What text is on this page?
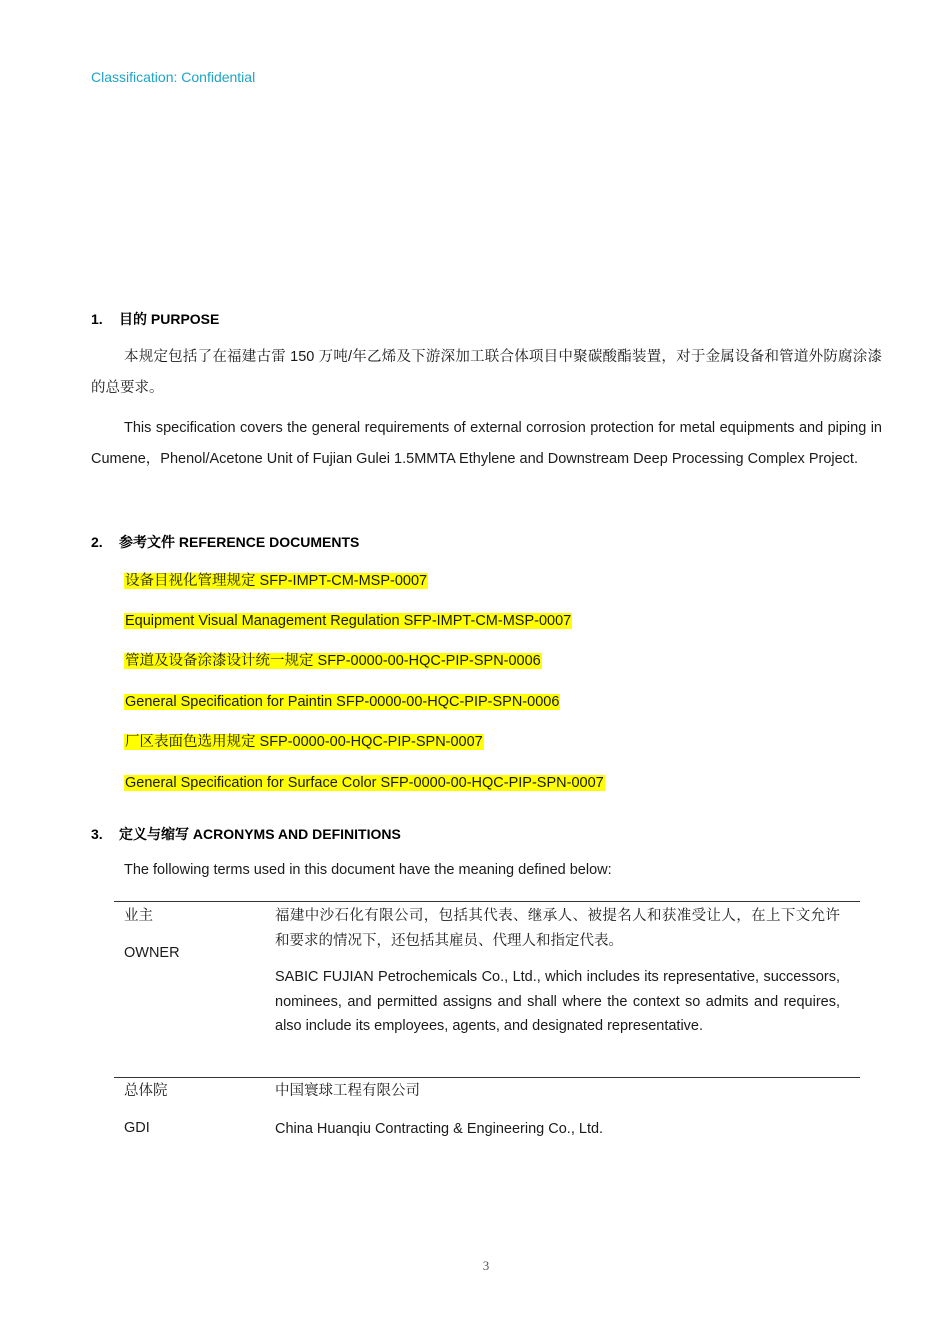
Classification: Confidential
1. 目的 PURPOSE

本规定包括了在福建古雷 150 万吨/年乙烯及下游深加工联合体项目中聚碳酸酯装置，对于金属设备和管道外防腐涂漆的总要求。

This specification covers the general requirements of external corrosion protection for metal equipments and piping in Cumene，Phenol/Acetone Unit of Fujian Gulei 1.5MMTA Ethylene and Downstream Deep Processing Complex Project.

2. 参考文件 REFERENCE DOCUMENTS
设备目视化管理规定 SFP-IMPT-CM-MSP-0007
Equipment Visual Management Regulation SFP-IMPT-CM-MSP-0007
管道及设备涂漆设计统一规定 SFP-0000-00-HQC-PIP-SPN-0006
General Specification for Paintin SFP-0000-00-HQC-PIP-SPN-0006
厂区表面色选用规定 SFP-0000-00-HQC-PIP-SPN-0007
General Specification for Surface Color SFP-0000-00-HQC-PIP-SPN-0007
3. 定义与缩写 ACRONYMS AND DEFINITIONS
The following terms used in this document have the meaning defined below:
业主
OWNER

福建中沙石化有限公司，包括其代表、继承人、被提名人和获准受让人，在上下文允许和要求的情况下，还包括其雇员、代理人和指定代表。

SABIC FUJIAN Petrochemicals Co., Ltd., which includes its representative, successors, nominees, and permitted assigns and shall where the context so admits and requires, also include its employees, agents, and designated representative.

总体院
GDI

中国寰球工程有限公司

China Huanqiu Contracting & Engineering Co., Ltd.

3
